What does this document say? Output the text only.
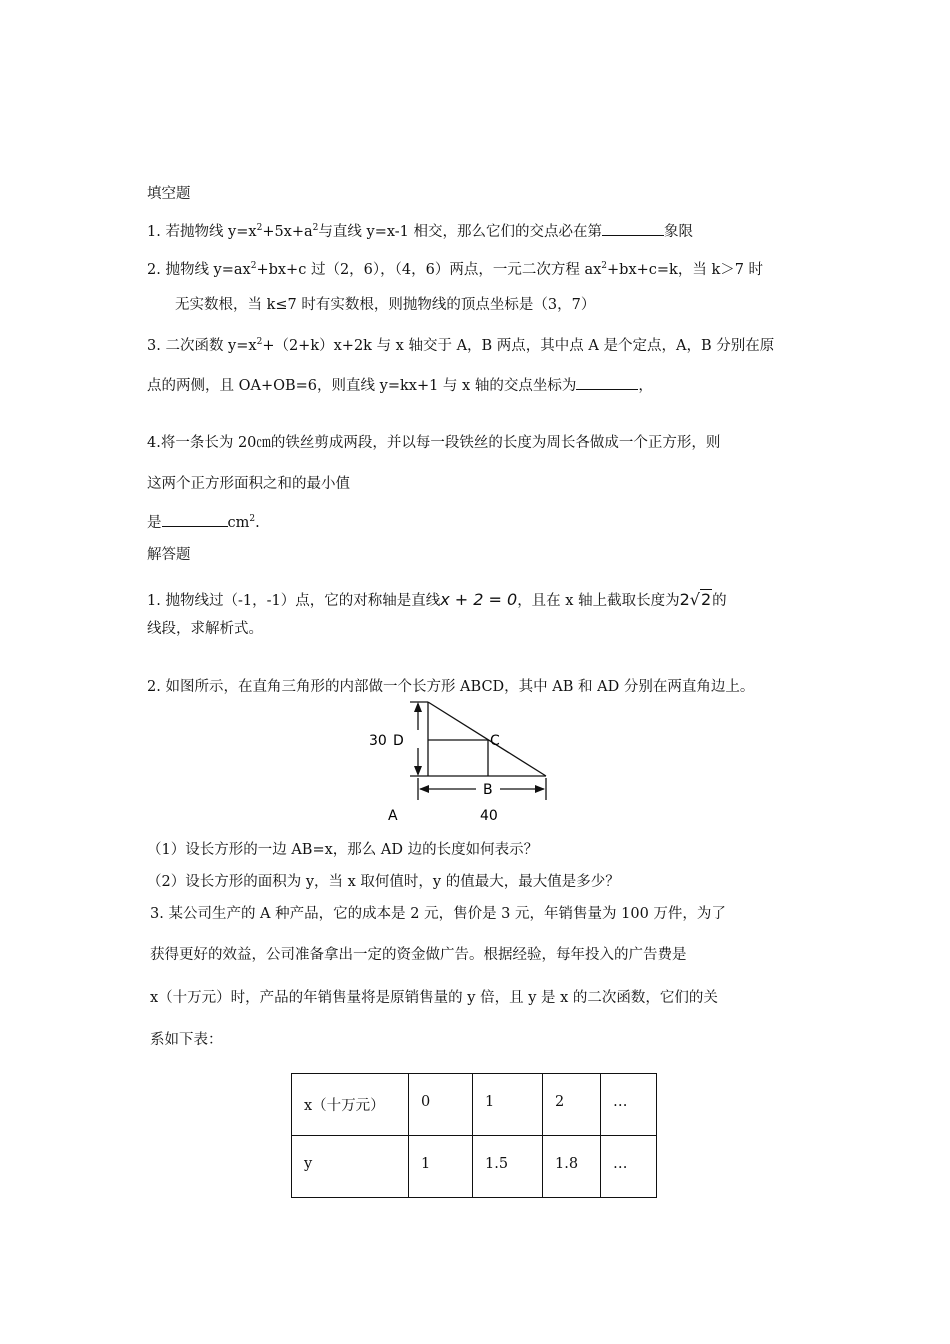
填空题
1. 若抛物线 $y=x^2+5x+a^2$与直线 y=x-1 相交，那么它们的交点必在第	象限
2. 抛物线 $y=ax^2+bx+c$ 过（2，6），（4，6）两点，一元二次方程 $ax^2+bx+c=k$，当 k＞7 时
无实数根，当 k≤7 时有实数根，则抛物线的顶点坐标是（3，7）
3. 二次函数 $y=x^2+(2+k)x+2k$ 与 x 轴交于 A，B 两点，其中点 A 是个定点，A，B 分别在原
点的两侧，且 OA+OB=6，则直线 y=kx+1 与 x 轴的交点坐标为	，
4.将一条长为 20㎝的铁丝剪成两段，并以每一段铁丝的长度为周长各做成一个正方形，则
这两个正方形面积之和的最小值
是	$cm^2$.
解答题
1. 抛物线过（-1，-1）点，它的对称轴是直线x + 2 = 0，且在 x 轴上截取长度为2√2的
线段，求解析式。
2. 如图所示，在直角三角形的内部做一个长方形 ABCD，其中 AB 和 AD 分别在两直角边上。
30 D	C
B
A	40
（1）设长方形的一边 AB=x，那么 AD 边的长度如何表示？
（2）设长方形的面积为 y，当 x 取何值时，y 的值最大，最大值是多少？
3. 某公司生产的 A 种产品，它的成本是 2 元，售价是 3 元，年销售量为 100 万件，为了
获得更好的效益，公司准备拿出一定的资金做广告。根据经验，每年投入的广告费是
x（十万元）时，产品的年销售量将是原销售量的 y 倍，且 y 是 x 的二次函数，它们的关
系如下表：
x（十万元）	0	1	2	…
y	1	1.5	1.8	…
